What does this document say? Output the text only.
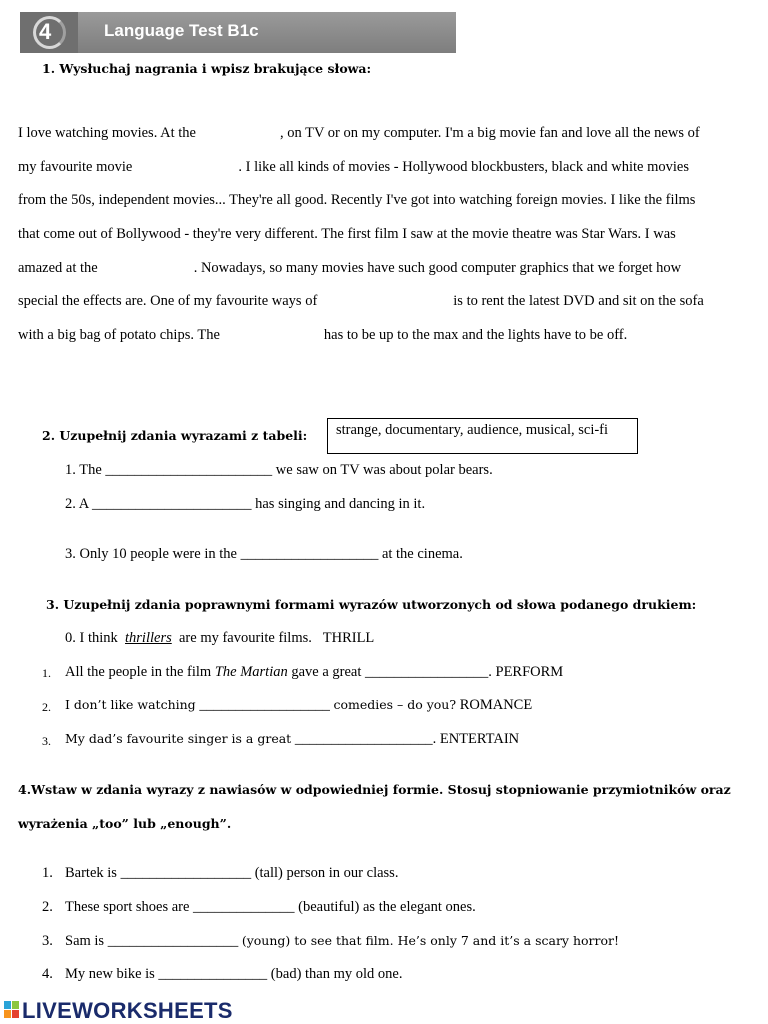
4	Language Test B1c
1. Wysłuchaj nagrania i wpisz brakujące słowa:
I love watching movies. At the	, on TV or on my computer. I'm a big movie fan and love all the news of
my favourite movie	. I like all kinds of movies - Hollywood blockbusters, black and white movies
from the 50s, independent movies... They're all good. Recently I've got into watching foreign movies. I like the films
that come out of Bollywood - they're very different. The first film I saw at the movie theatre was Star Wars. I was
amazed at the	. Nowadays, so many movies have such good computer graphics that we forget how
special the effects are. One of my favourite ways of	is to rent the latest DVD and sit on the sofa
with a big bag of potato chips. The	has to be up to the max and the lights have to be off.
2. Uzupełnij zdania wyrazami z tabeli:	strange, documentary, audience, musical, sci-fi
1. The _______________________ we saw on TV was about polar bears.
2. A ______________________ has singing and dancing in it.
3. Only 10 people were in the ___________________ at the cinema.
3. Uzupełnij zdania poprawnymi formami wyrazów utworzonych od słowa podanego drukiem:
0. I think thrillers are my favourite films. THRILL
1. All the people in the film The Martian gave a great _________________. PERFORM
2. I don’t like watching __________________ comedies – do you? ROMANCE
3. My dad’s favourite singer is a great ___________________. ENTERTAIN
4.Wstaw w zdania wyrazy z nawiasów w odpowiedniej formie. Stosuj stopniowanie przymiotników oraz
wyrażenia „too” lub „enough”.
1. Bartek is __________________ (tall) person in our class.
2. These sport shoes are ______________ (beautiful) as the elegant ones.
3. Sam is __________________ (young) to see that film. He’s only 7 and it’s a scary horror!
4. My new bike is _______________ (bad) than my old one.
LIVEWORKSHEETS
